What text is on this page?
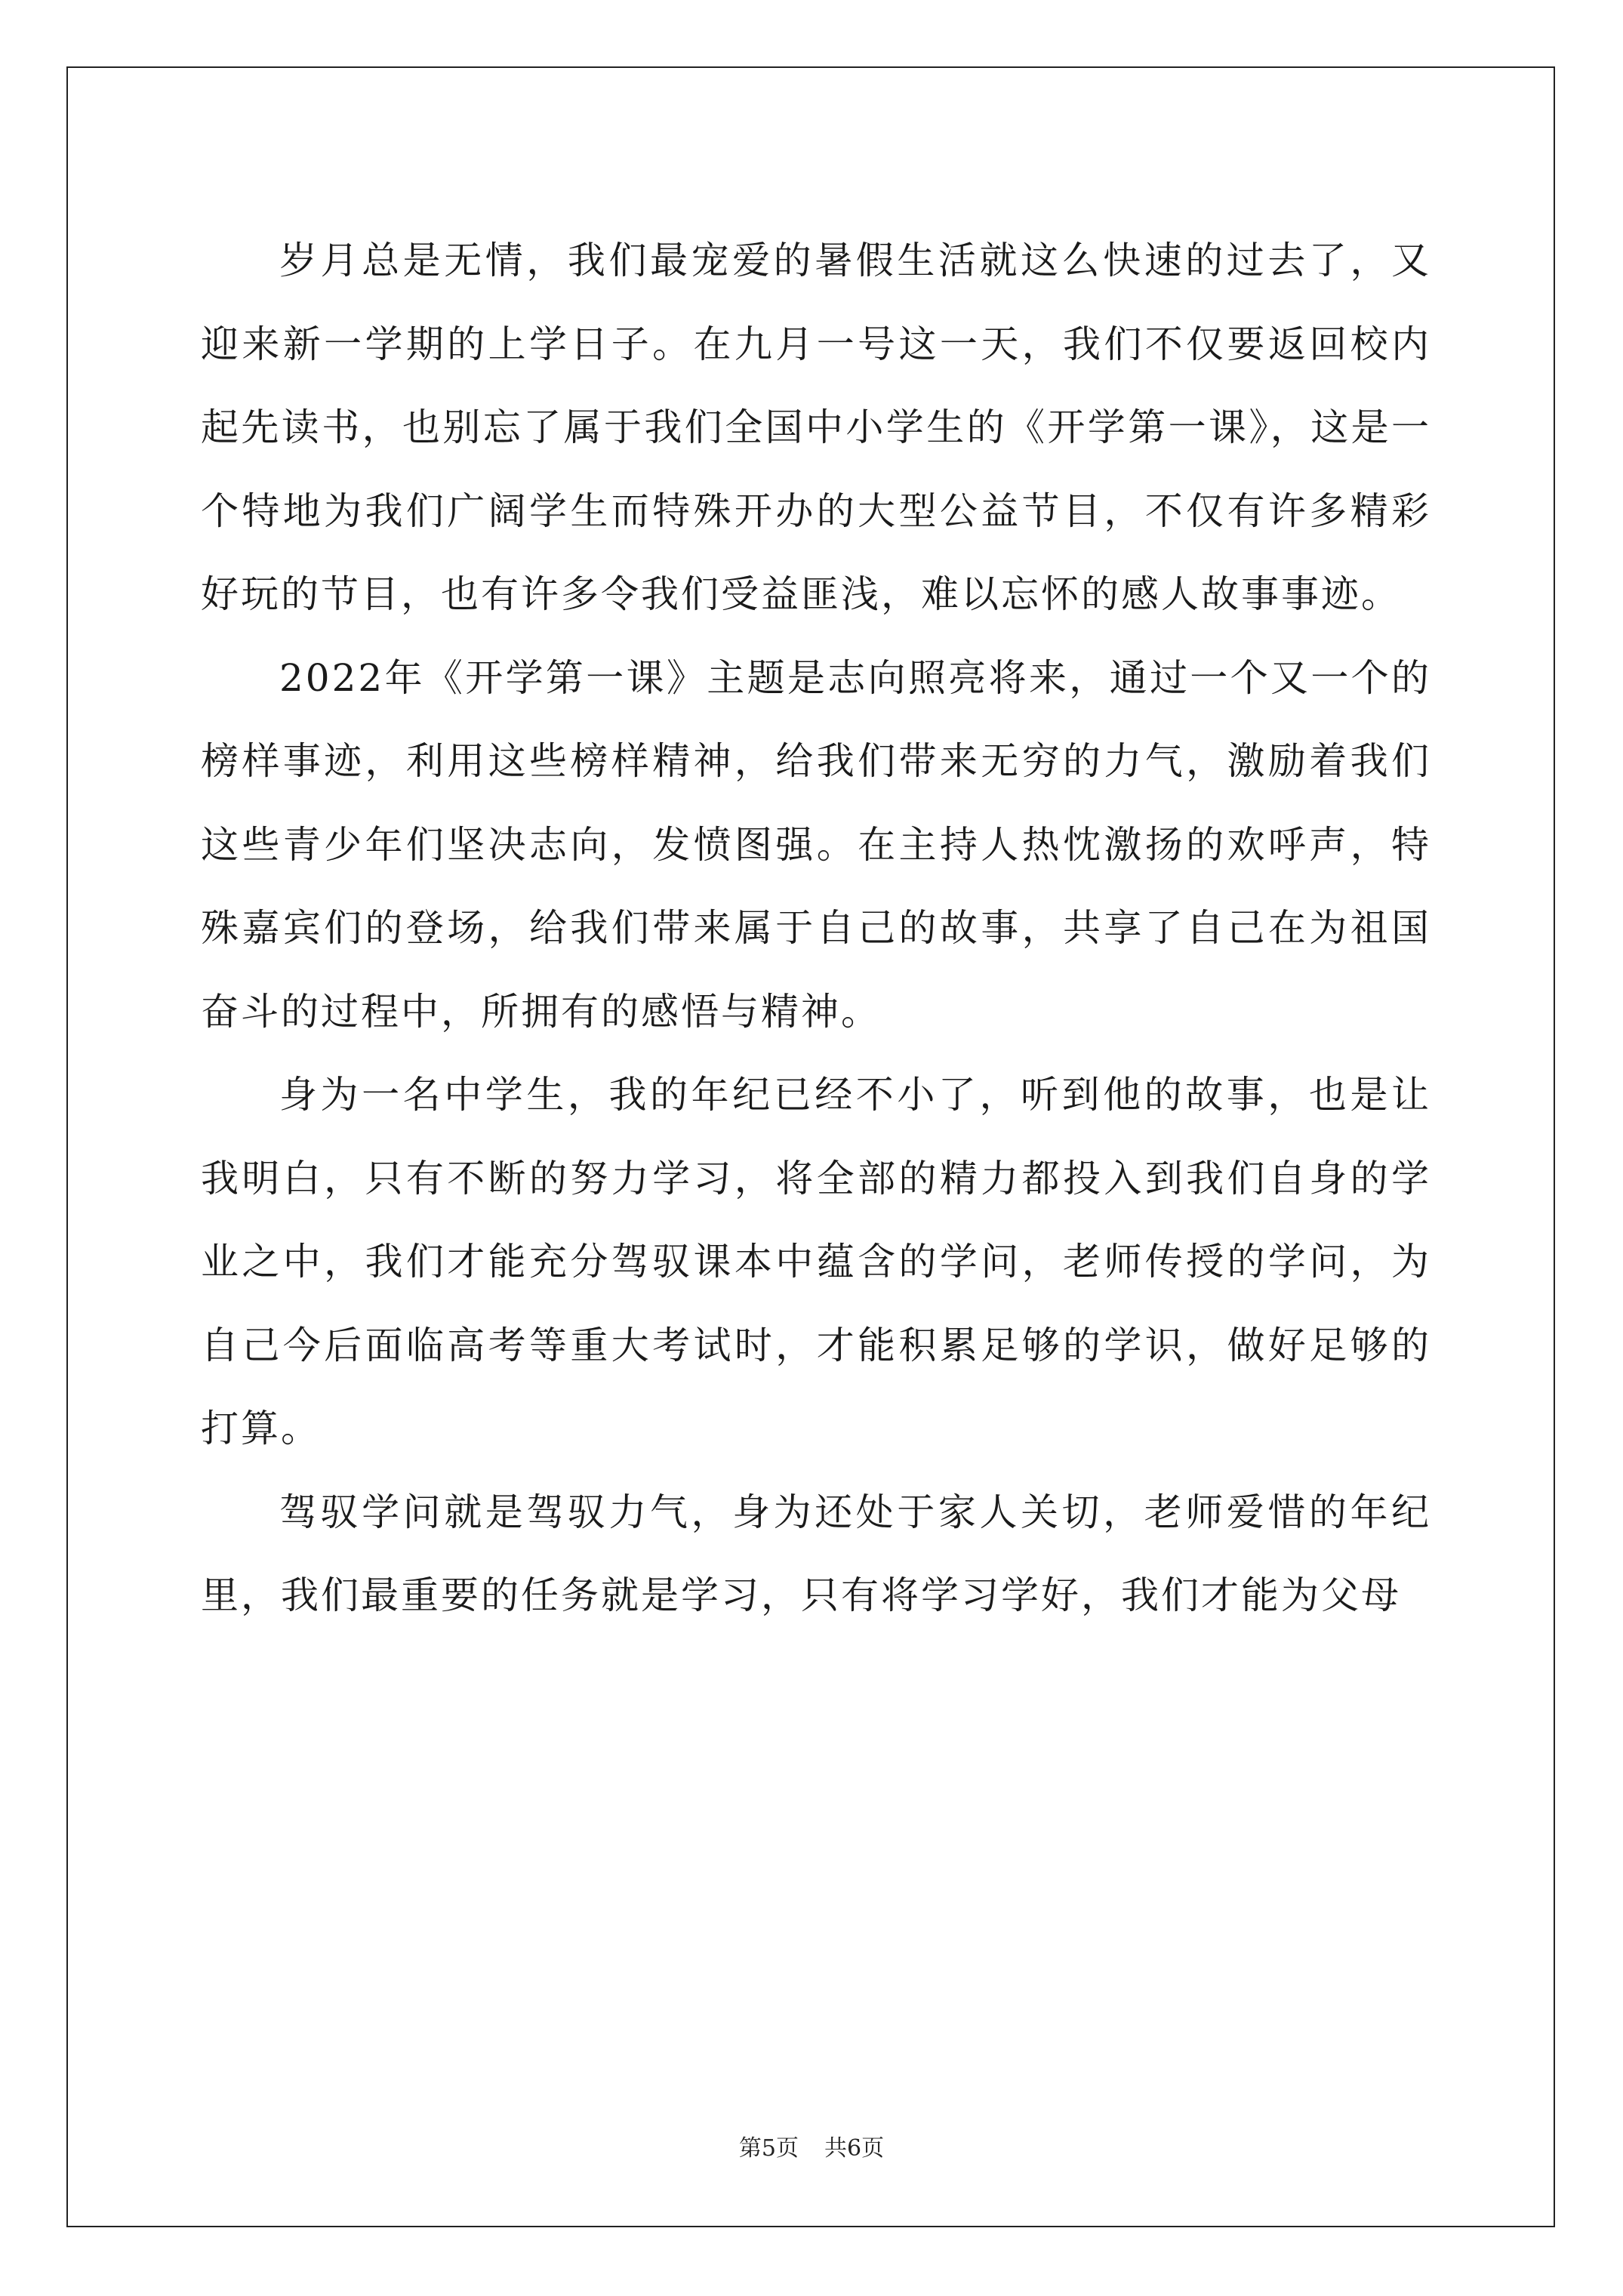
岁月总是无情，我们最宠爱的暑假生活就这么快速的过去了，又迎来新一学期的上学日子。在九月一号这一天，我们不仅要返回校内起先读书，也别忘了属于我们全国中小学生的《开学第一课》，这是一个特地为我们广阔学生而特殊开办的大型公益节目，不仅有许多精彩好玩的节目，也有许多令我们受益匪浅，难以忘怀的感人故事事迹。

2022年《开学第一课》主题是志向照亮将来，通过一个又一个的榜样事迹，利用这些榜样精神，给我们带来无穷的力气，激励着我们这些青少年们坚决志向，发愤图强。在主持人热忱激扬的欢呼声，特殊嘉宾们的登场，给我们带来属于自己的故事，共享了自己在为祖国奋斗的过程中，所拥有的感悟与精神。

身为一名中学生，我的年纪已经不小了，听到他的故事，也是让我明白，只有不断的努力学习，将全部的精力都投入到我们自身的学业之中，我们才能充分驾驭课本中蕴含的学问，老师传授的学问，为自己今后面临高考等重大考试时，才能积累足够的学识，做好足够的打算。

驾驭学问就是驾驭力气，身为还处于家人关切，老师爱惜的年纪里，我们最重要的任务就是学习，只有将学习学好，我们才能为父母

第5页 共6页
